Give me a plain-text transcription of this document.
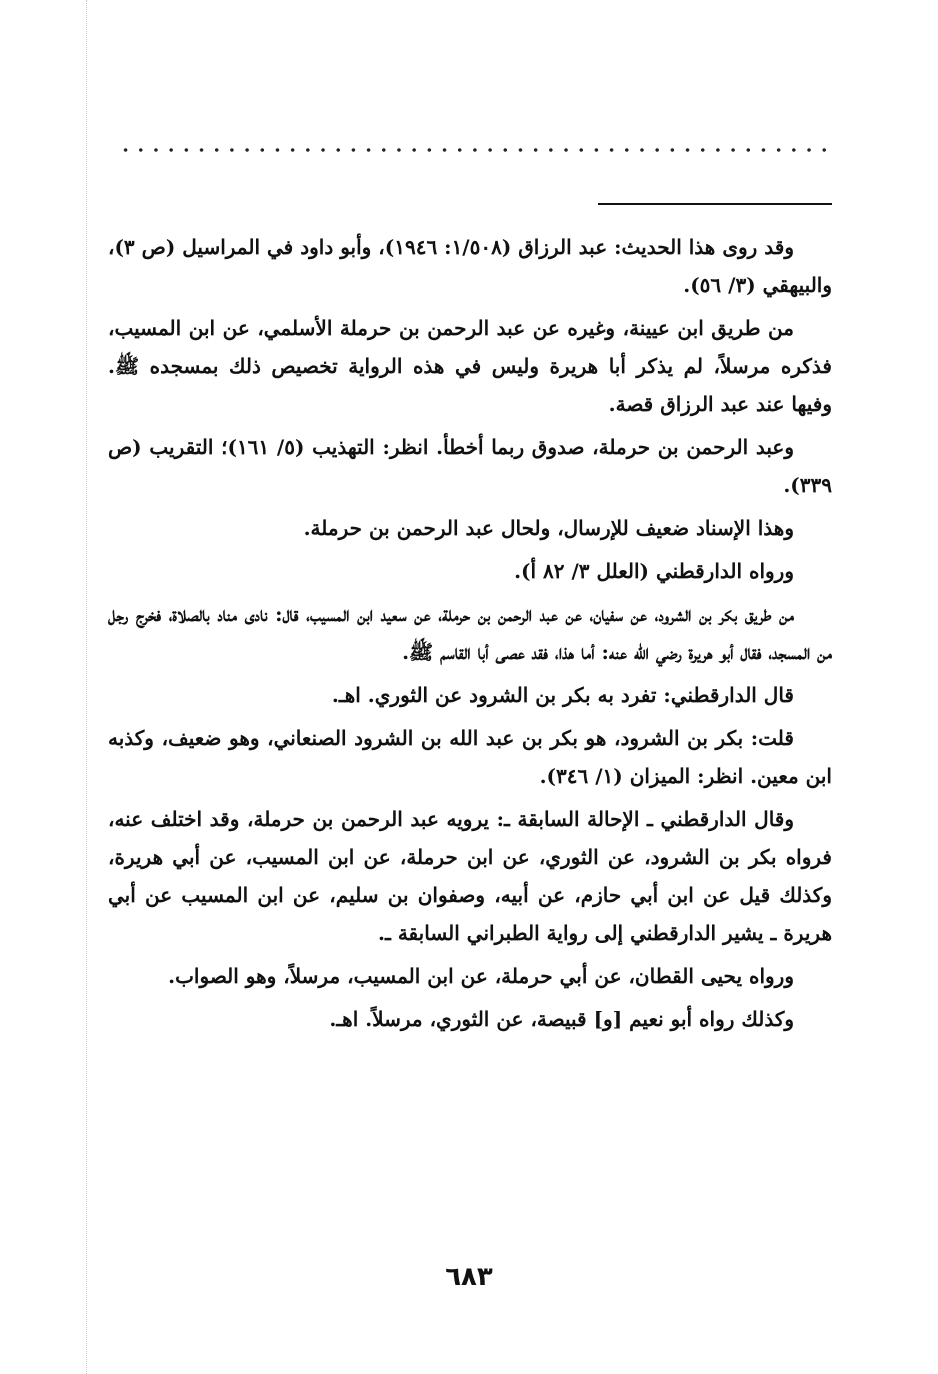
وقد روى هذا الحديث: عبد الرزاق (١/٥٠٨: ١٩٤٦)، وأبو داود في المراسيل (ص ٣)، والبيهقي (٣/ ٥٦).

من طريق ابن عيينة، وغيره عن عبد الرحمن بن حرملة الأسلمي، عن ابن المسيب، فذكره مرسلاً، لم يذكر أبا هريرة وليس في هذه الرواية تخصيص ذلك بمسجده ﷺ. وفيها عند عبد الرزاق قصة.

وعبد الرحمن بن حرملة، صدوق ربما أخطأ. انظر: التهذيب (٥/ ١٦١)؛ التقريب (ص ٣٣٩).

وهذا الإسناد ضعيف للإرسال، ولحال عبد الرحمن بن حرملة.

ورواه الدارقطني (العلل ٣/ ٨٢ أ).

من طريق بكر بن الشرود، عن سفيان، عن عبد الرحمن بن حرملة، عن سعيد ابن المسيب، قال: نادى مناد بالصلاة، فخرج رجل من المسجد، فقال أبو هريرة رضي الله عنه: أما هذا، فقد عصى أبا القاسم ﷺ.

قال الدارقطني: تفرد به بكر بن الشرود عن الثوري. اهـ.

قلت: بكر بن الشرود، هو بكر بن عبد الله بن الشرود الصنعاني، وهو ضعيف، وكذبه ابن معين. انظر: الميزان (١/ ٣٤٦).

وقال الدارقطني ـ الإحالة السابقة ـ: يرويه عبد الرحمن بن حرملة، وقد اختلف عنه، فرواه بكر بن الشرود، عن الثوري، عن ابن حرملة، عن ابن المسيب، عن أبي هريرة، وكذلك قيل عن ابن أبي حازم، عن أبيه، وصفوان بن سليم، عن ابن المسيب عن أبي هريرة ـ يشير الدارقطني إلى رواية الطبراني السابقة ـ.

ورواه يحيى القطان، عن أبي حرملة، عن ابن المسيب، مرسلاً، وهو الصواب.

وكذلك رواه أبو نعيم [و] قبيصة، عن الثوري، مرسلاً. اهـ.

٦٨٣
